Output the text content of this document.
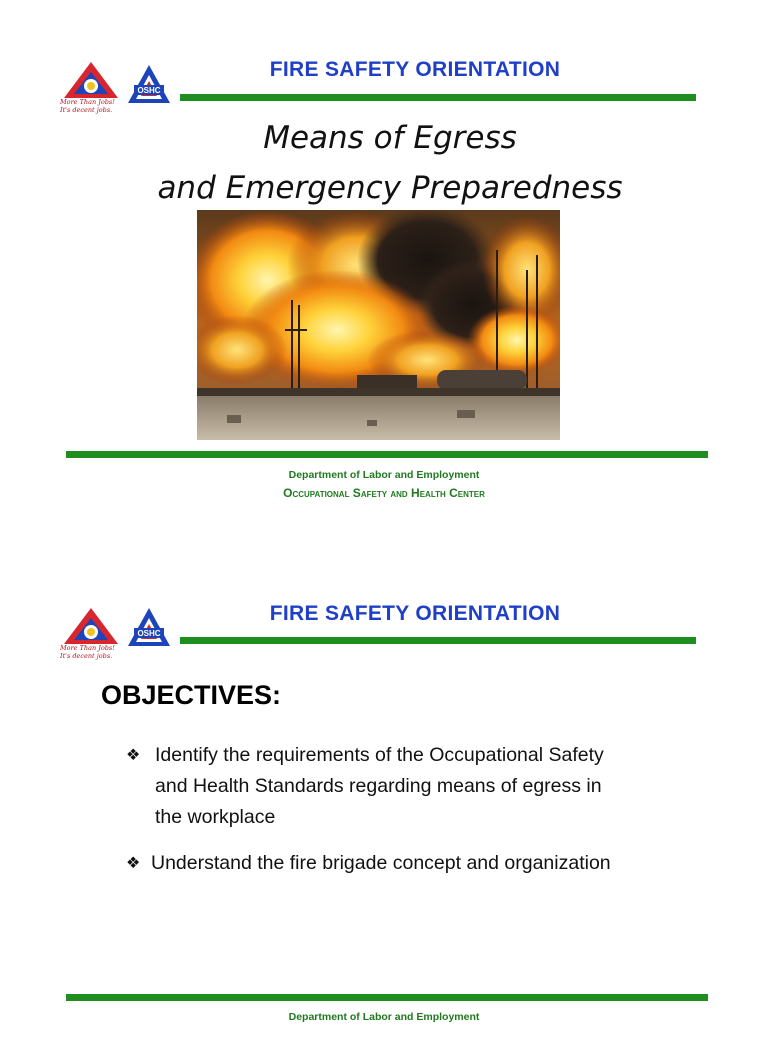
More Than Jobs!
It's decent jobs.
OSHC
FIRE SAFETY ORIENTATION
Means of Egress
and Emergency Preparedness
Department of Labor and Employment
Occupational Safety and Health Center
More Than Jobs!
It's decent jobs.
OSHC
FIRE SAFETY ORIENTATION
OBJECTIVES:
❖ Identify the requirements of the Occupational Safety
and Health Standards regarding means of egress in
the workplace
❖ Understand the fire brigade concept and organization
Department of Labor and Employment
